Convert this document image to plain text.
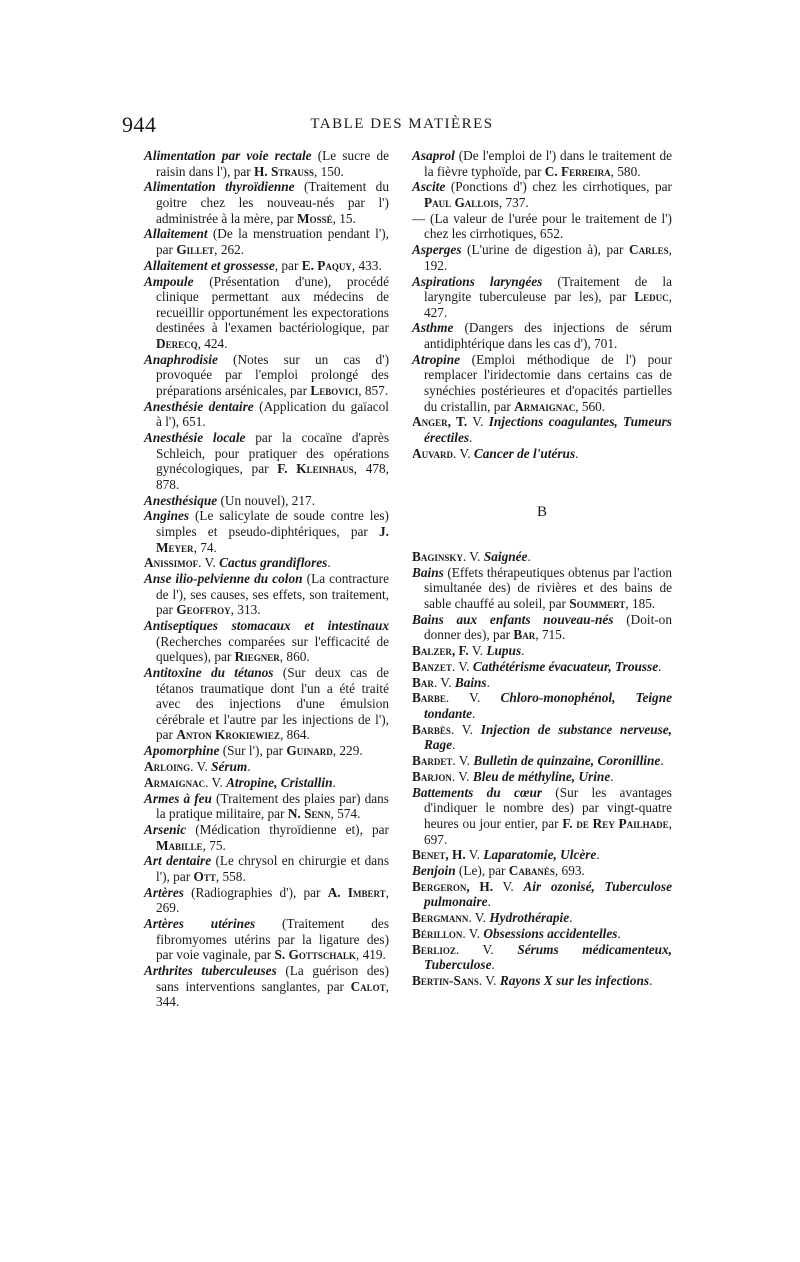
944	TABLE DES MATIÈRES

Alimentation par voie rectale (Le sucre de raisin dans l'), par H. Strauss, 150.

Alimentation thyroïdienne (Traitement du goitre chez les nouveau-nés par l') administrée à la mère, par Mossé, 15.

Allaitement (De la menstruation pendant l'), par Gillet, 262.

Allaitement et grossesse, par E. Paquy, 433.

Ampoule (Présentation d'une), procédé clinique permettant aux médecins de recueillir opportunément les expectorations destinées à l'examen bactériologique, par Derecq, 424.

Anaphrodisie (Notes sur un cas d') provoquée par l'emploi prolongé des préparations arsénicales, par Lebovici, 857.

Anesthésie dentaire (Application du gaïacol à l'), 651.

Anesthésie locale par la cocaïne d'après Schleich, pour pratiquer des opérations gynécologiques, par F. Kleinhaus, 478, 878.

Anesthésique (Un nouvel), 217.

Angines (Le salicylate de soude contre les) simples et pseudo-diphtériques, par J. Meyer, 74.

Anissimof. V. Cactus grandiflores.

Anse ilio-pelvienne du colon (La contracture de l'), ses causes, ses effets, son traitement, par Geoffroy, 313.

Antiseptiques stomacaux et intestinaux (Recherches comparées sur l'efficacité de quelques), par Riegner, 860.

Antitoxine du tétanos (Sur deux cas de tétanos traumatique dont l'un a été traité avec des injections d'une émulsion cérébrale et l'autre par les injections de l'), par Anton Krokiewiez, 864.

Apomorphine (Sur l'), par Guinard, 229.

Arloing. V. Sérum.

Armaignac. V. Atropine, Cristallin.

Armes à feu (Traitement des plaies par) dans la pratique militaire, par N. Senn, 574.

Arsenic (Médication thyroïdienne et), par Mabille, 75.

Art dentaire (Le chrysol en chirurgie et dans l'), par Ott, 558.

Artères (Radiographies d'), par A. Imbert, 269.

Artères utérines (Traitement des fibromyomes utérins par la ligature des) par voie vaginale, par S. Gottschalk, 419.

Arthrites tuberculeuses (La guérison des) sans interventions sanglantes, par Calot, 344.

Asaprol (De l'emploi de l') dans le traitement de la fièvre typhoïde, par C. Ferreira, 580.

Ascite (Ponctions d') chez les cirrhotiques, par Paul Gallois, 737.

— (La valeur de l'urée pour le traitement de l') chez les cirrhotiques, 652.

Asperges (L'urine de digestion à), par Carles, 192.

Aspirations laryngées (Traitement de la laryngite tuberculeuse par les), par Leduc, 427.

Asthme (Dangers des injections de sérum antidiphtérique dans les cas d'), 701.

Atropine (Emploi méthodique de l') pour remplacer l'iridectomie dans certains cas de synéchies postérieures et d'opacités partielles du cristallin, par Armaignac, 560.

Anger, T. V. Injections coagulantes, Tumeurs érectiles.

Auvard. V. Cancer de l'utérus.

B

Baginsky. V. Saignée.

Bains (Effets thérapeutiques obtenus par l'action simultanée des) de rivières et des bains de sable chauffé au soleil, par Soummert, 185.

Bains aux enfants nouveau-nés (Doit-on donner des), par Bar, 715.

Balzer, F. V. Lupus.

Banzet. V. Cathétérisme évacuateur, Trousse.

Bar. V. Bains.

Barbe. V. Chloro-monophénol, Teigne tondante.

Barbès. V. Injection de substance nerveuse, Rage.

Bardet. V. Bulletin de quinzaine, Coronilline.

Barjon. V. Bleu de méthyline, Urine.

Battements du cœur (Sur les avantages d'indiquer le nombre des) par vingt-quatre heures ou jour entier, par F. de Rey Pailhade, 697.

Benet, H. V. Laparatomie, Ulcère.

Benjoin (Le), par Cabanès, 693.

Bergeron, H. V. Air ozonisé, Tuberculose pulmonaire.

Bergmann. V. Hydrothérapie.

Bérillon. V. Obsessions accidentelles.

Berlioz. V. Sérums médicamenteux, Tuberculose.

Bertin-Sans. V. Rayons X sur les infections.
